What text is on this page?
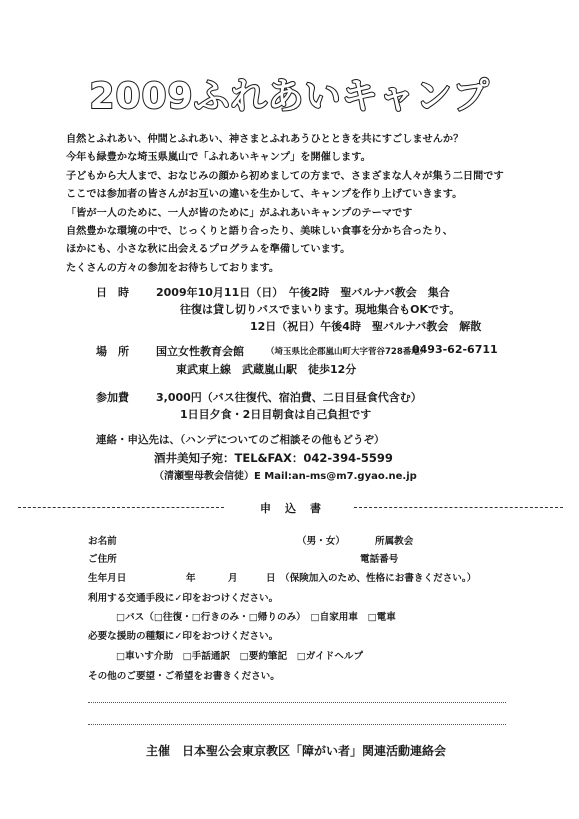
2009ふれあいキャンプ
自然とふれあい、仲間とふれあい、神さまとふれあうひとときを共にすごしませんか？
今年も緑豊かな埼玉県嵐山で「ふれあいキャンプ」を開催します。
子どもから大人まで、おなじみの顔から初めましての方まで、さまざまな人々が集う二日間です
ここでは参加者の皆さんがお互いの違いを生かして、キャンプを作り上げていきます。
「皆が一人のために、一人が皆のために」がふれあいキャンプのテーマです
自然豊かな環境の中で、じっくりと語り合ったり、美味しい食事を分かち合ったり、
ほかにも、小さな秋に出会えるプログラムを準備しています。
たくさんの方々の参加をお待ちしております。
日　時 2009年10月11日（日）　午後2時　聖バルナバ教会　集合
往復は貸し切りバスでまいります。現地集合もOKです。
12日（祝日）午後4時　聖バルナバ教会　解散
場　所 国立女性教育会館	（埼玉県比企郡嵐山町大字菅谷728番地）
0493-62-6711
東武東上線　武蔵嵐山駅　徒歩12分
参加費 3,000円（バス往復代、宿泊費、二日目昼食代含む）
1日目夕食・2日目朝食は自己負担です
連絡・申込先は、（ハンデについてのご相談その他もどうぞ）
酒井美知子宛：TEL&FAX：042-394-5599
（清瀬聖母教会信徒）E Mail:an-ms@m7.gyao.ne.jp
申込書
お名前	（男・女）	所属教会
ご住所	電話番号
生年月日	年	月	日 （保険加入のため、性格にお書きください。）
利用する交通手段に✓印をおつけください。
□バス（□往復・□行きのみ・□帰りのみ）　□自家用車　□電車
必要な援助の種類に✓印をおつけください。
□車いす介助　□手話通訳　□要約筆記　□ガイドヘルプ
その他のご要望・ご希望をお書きください。
主催　日本聖公会東京教区「障がい者」関連活動連絡会
